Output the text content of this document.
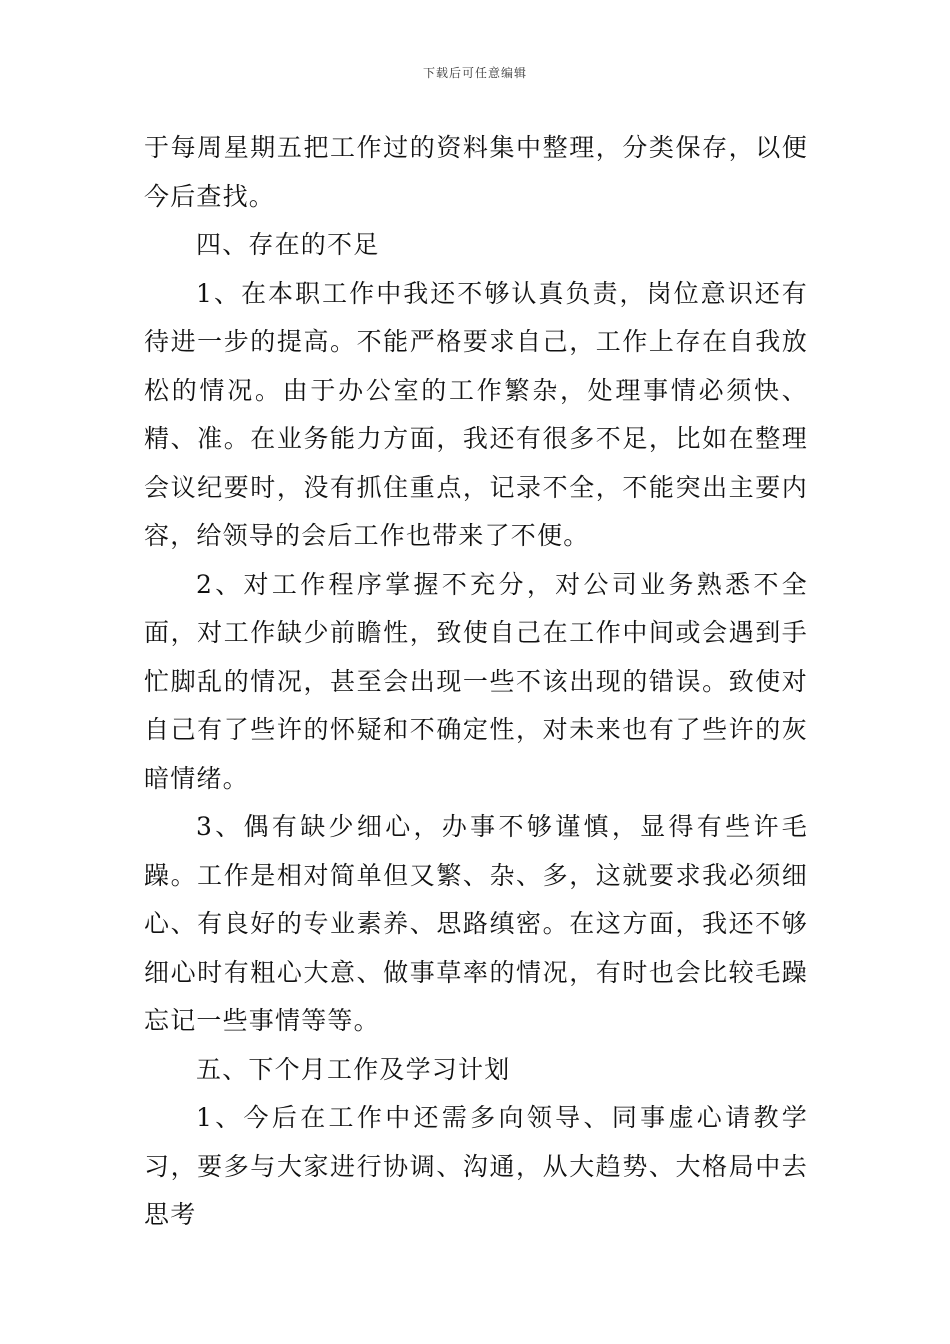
下载后可任意编辑

于每周星期五把工作过的资料集中整理，分类保存，以便今后查找。

四、存在的不足

1、在本职工作中我还不够认真负责，岗位意识还有待进一步的提高。不能严格要求自己，工作上存在自我放松的情况。由于办公室的工作繁杂，处理事情必须快、精、准。在业务能力方面，我还有很多不足，比如在整理会议纪要时，没有抓住重点，记录不全，不能突出主要内容，给领导的会后工作也带来了不便。

2、对工作程序掌握不充分，对公司业务熟悉不全面，对工作缺少前瞻性，致使自己在工作中间或会遇到手忙脚乱的情况，甚至会出现一些不该出现的错误。致使对自己有了些许的怀疑和不确定性，对未来也有了些许的灰暗情绪。

3、偶有缺少细心，办事不够谨慎，显得有些许毛躁。工作是相对简单但又繁、杂、多，这就要求我必须细心、有良好的专业素养、思路缜密。在这方面，我还不够细心时有粗心大意、做事草率的情况，有时也会比较毛躁忘记一些事情等等。

五、下个月工作及学习计划

1、今后在工作中还需多向领导、同事虚心请教学习，要多与大家进行协调、沟通，从大趋势、大格局中去思考
